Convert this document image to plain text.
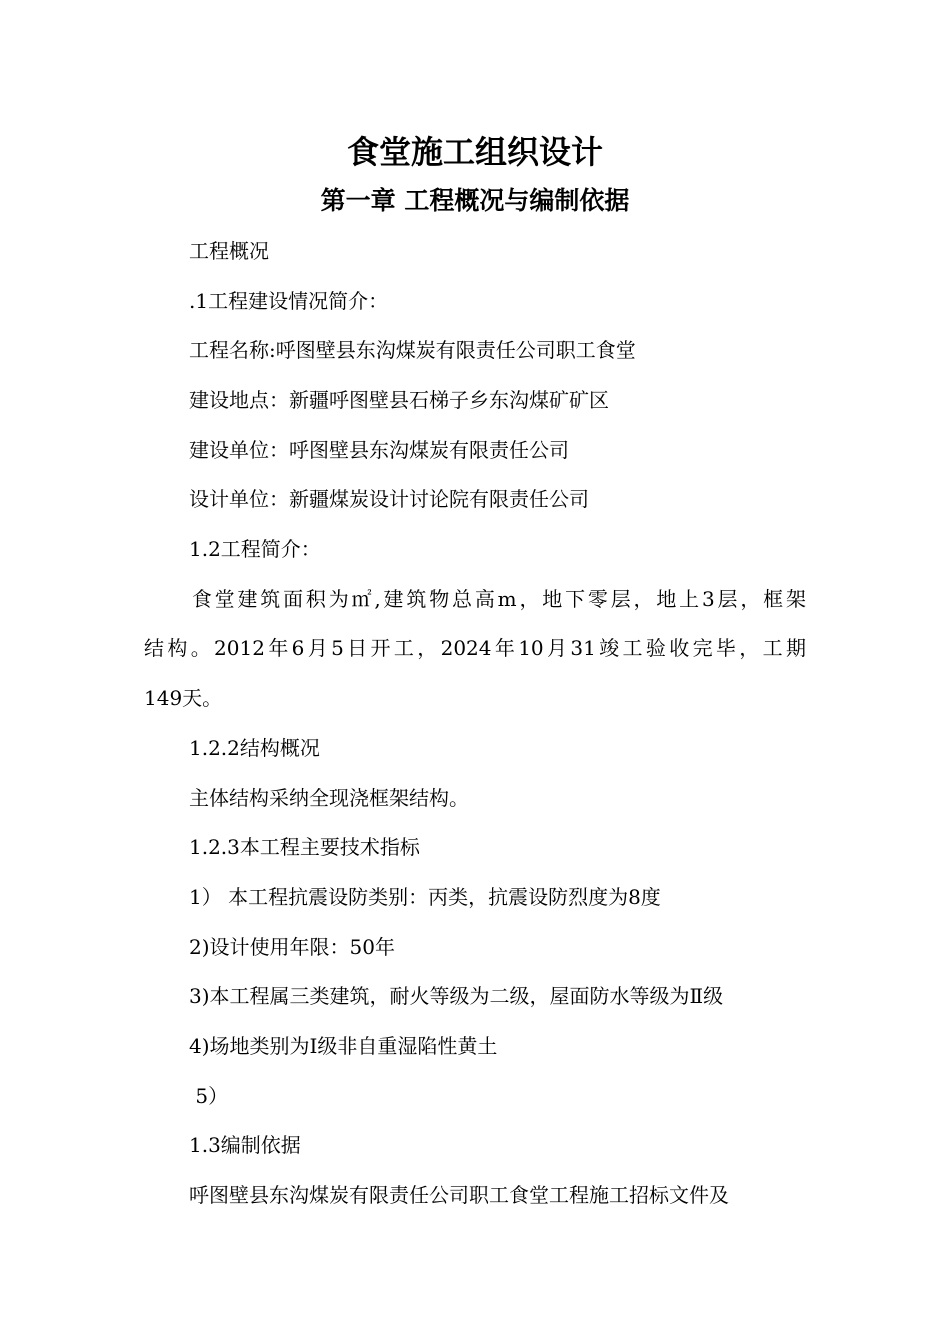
食堂施工组织设计
第一章 工程概况与编制依据
工程概况
.1工程建设情况简介：
工程名称:呼图壁县东沟煤炭有限责任公司职工食堂
建设地点：新疆呼图壁县石梯子乡东沟煤矿矿区
建设单位：呼图壁县东沟煤炭有限责任公司
设计单位：新疆煤炭设计讨论院有限责任公司
1.2工程简介：
食堂建筑面积为㎡,建筑物总高m，地下零层，地上3层，框架
结构。2012年6月5日开工，2024年10月31竣工验收完毕，工期
149天。
1.2.2结构概况
主体结构采纳全现浇框架结构。
1.2.3本工程主要技术指标
1） 本工程抗震设防类别：丙类，抗震设防烈度为8度
2)设计使用年限：50年
3)本工程属三类建筑，耐火等级为二级，屋面防水等级为Ⅱ级
4)场地类别为Ⅰ级非自重湿陷性黄土
5）
1.3编制依据
呼图壁县东沟煤炭有限责任公司职工食堂工程施工招标文件及
